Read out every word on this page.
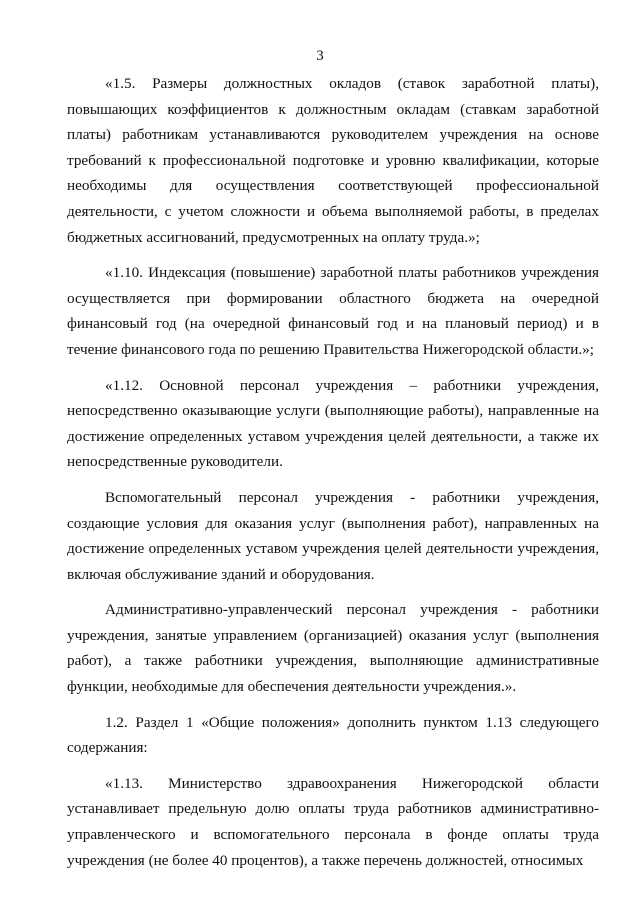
3

«1.5. Размеры должностных окладов (ставок заработной платы), повышающих коэффициентов к должностным окладам (ставкам заработной платы) работникам устанавливаются руководителем учреждения на основе требований к профессиональной подготовке и уровню квалификации, которые необходимы для осуществления соответствующей профессиональной деятельности, с учетом сложности и объема выполняемой работы, в пределах бюджетных ассигнований, предусмотренных на оплату труда.»;

«1.10. Индексация (повышение) заработной платы работников учреждения осуществляется при формировании областного бюджета на очередной финансовый год (на очередной финансовый год и на плановый период) и в течение финансового года по решению Правительства Нижегородской области.»;

«1.12. Основной персонал учреждения – работники учреждения, непосредственно оказывающие услуги (выполняющие работы), направленные на достижение определенных уставом учреждения целей деятельности, а также их непосредственные руководители.

Вспомогательный персонал учреждения - работники учреждения, создающие условия для оказания услуг (выполнения работ), направленных на достижение определенных уставом учреждения целей деятельности учреждения, включая обслуживание зданий и оборудования.

Административно-управленческий персонал учреждения - работники учреждения, занятые управлением (организацией) оказания услуг (выполнения работ), а также работники учреждения, выполняющие административные функции, необходимые для обеспечения деятельности учреждения.».

1.2. Раздел 1 «Общие положения» дополнить пунктом 1.13 следующего содержания:

«1.13. Министерство здравоохранения Нижегородской области устанавливает предельную долю оплаты труда работников административно-управленческого и вспомогательного персонала в фонде оплаты труда учреждения (не более 40 процентов), а также перечень должностей, относимых
